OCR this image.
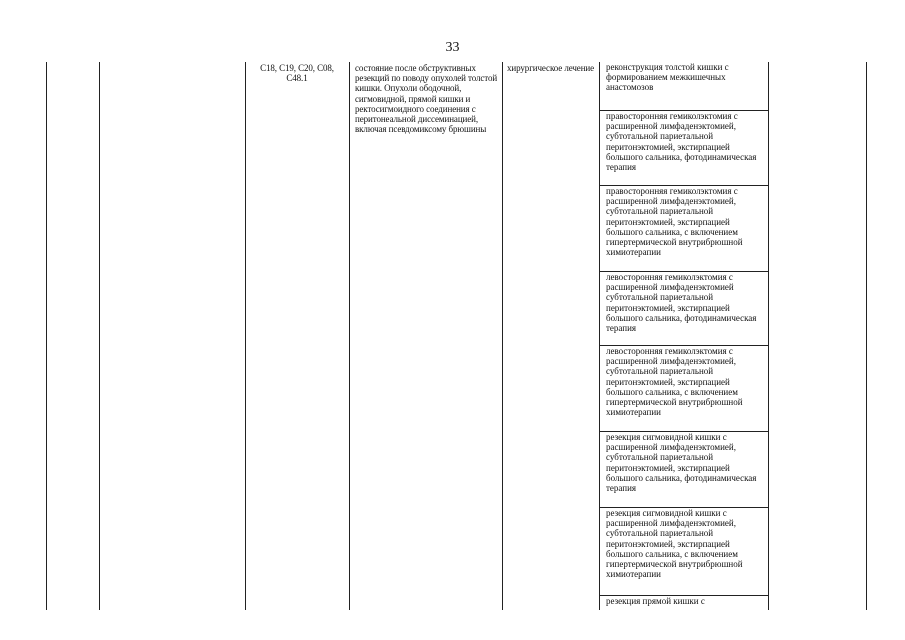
33
C18, C19, C20, C08, C48.1
состояние после обструктивных резекций по поводу опухолей толстой кишки. Опухоли ободочной, сигмовидной, прямой кишки и ректосигмоидного соединения с перитонеальной диссеминацией, включая псевдомиксому брюшины
хирургическое лечение	реконструкция толстой кишки с формированием межкишечных анастомозов
правосторонняя гемиколэктомия с расширенной лимфаденэктомией, субтотальной париетальной перитонэктомией, экстирпацией большого сальника, фотодинамическая терапия
правосторонняя гемиколэктомия с расширенной лимфаденэктомией, субтотальной париетальной перитонэктомией, экстирпацией большого сальника, с включением гипертермической внутрибрюшной химиотерапии
левосторонняя гемиколэктомия с расширенной лимфаденэктомией субтотальной париетальной перитонэктомией, экстирпацией большого сальника, фотодинамическая терапия
левосторонняя гемиколэктомия с расширенной лимфаденэктомией, субтотальной париетальной перитонэктомией, экстирпацией большого сальника, с включением гипертермической внутрибрюшной химиотерапии
резекция сигмовидной кишки с расширенной лимфаденэктомией, субтотальной париетальной перитонэктомией, экстирпацией большого сальника, фотодинамическая терапия
резекция сигмовидной кишки с расширенной лимфаденэктомией, субтотальной париетальной перитонэктомией, экстирпацией большого сальника, с включением гипертермической внутрибрюшной химиотерапии
резекция прямой кишки с
